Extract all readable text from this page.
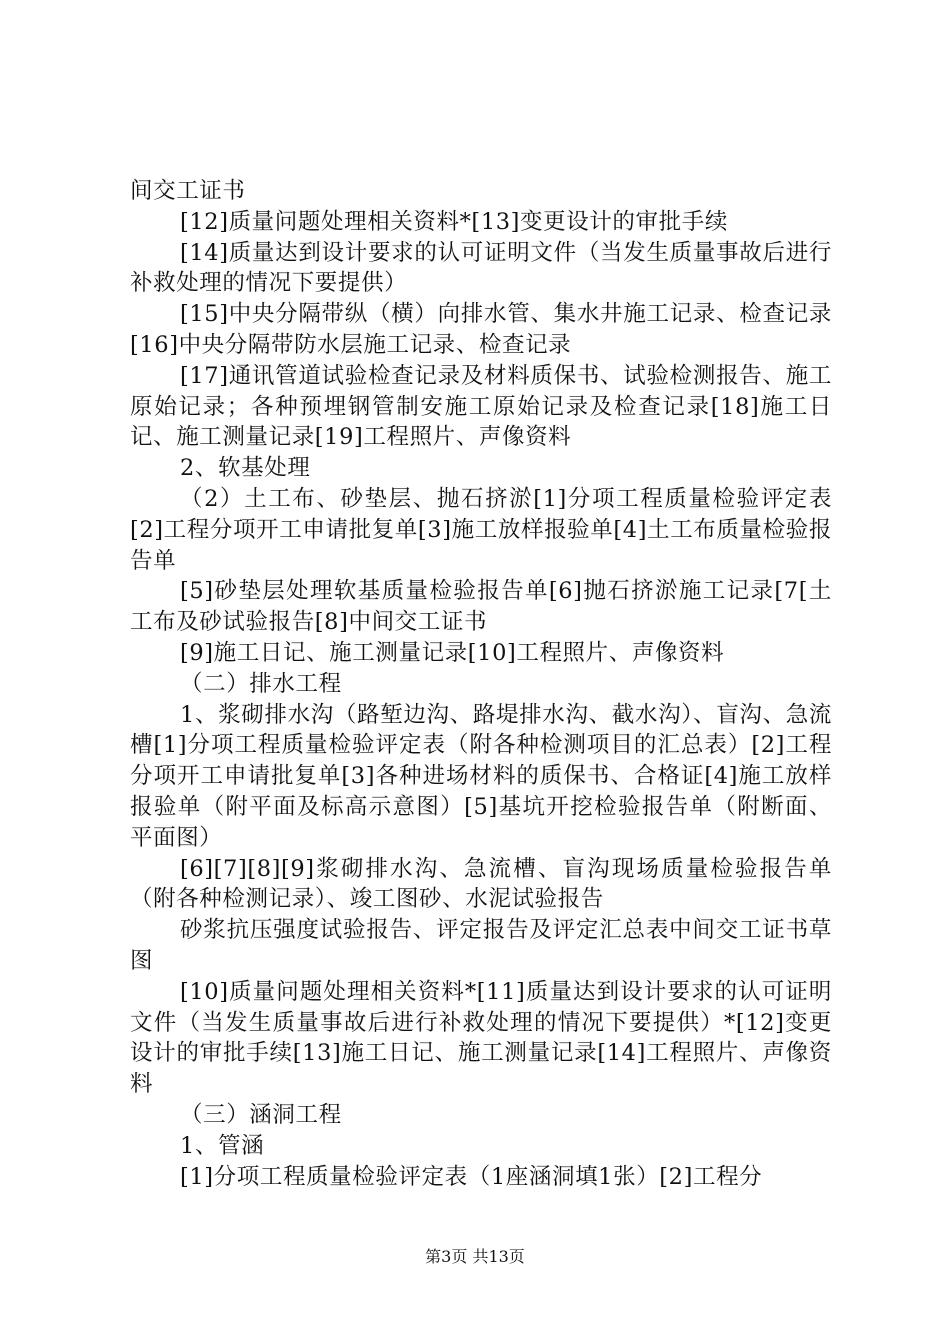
间交工证书

[12]质量问题处理相关资料*[13]变更设计的审批手续

[14]质量达到设计要求的认可证明文件（当发生质量事故后进行补救处理的情况下要提供）

[15]中央分隔带纵（横）向排水管、集水井施工记录、检查记录[16]中央分隔带防水层施工记录、检查记录

[17]通讯管道试验检查记录及材料质保书、试验检测报告、施工原始记录；各种预埋钢管制安施工原始记录及检查记录[18]施工日记、施工测量记录[19]工程照片、声像资料

2、软基处理

（2）土工布、砂垫层、抛石挤淤[1]分项工程质量检验评定表[2]工程分项开工申请批复单[3]施工放样报验单[4]土工布质量检验报告单

[5]砂垫层处理软基质量检验报告单[6]抛石挤淤施工记录[7[土工布及砂试验报告[8]中间交工证书

[9]施工日记、施工测量记录[10]工程照片、声像资料

（二）排水工程

1、浆砌排水沟（路堑边沟、路堤排水沟、截水沟）、盲沟、急流槽[1]分项工程质量检验评定表（附各种检测项目的汇总表）[2]工程分项开工申请批复单[3]各种进场材料的质保书、合格证[4]施工放样报验单（附平面及标高示意图）[5]基坑开挖检验报告单（附断面、平面图）

[6][7][8][9]浆砌排水沟、急流槽、盲沟现场质量检验报告单（附各种检测记录）、竣工图砂、水泥试验报告

砂浆抗压强度试验报告、评定报告及评定汇总表中间交工证书草图

[10]质量问题处理相关资料*[11]质量达到设计要求的认可证明文件（当发生质量事故后进行补救处理的情况下要提供）*[12]变更设计的审批手续[13]施工日记、施工测量记录[14]工程照片、声像资料

（三）涵洞工程

1、管涵

[1]分项工程质量检验评定表（1座涵洞填1张）[2]工程分

第3页 共13页
